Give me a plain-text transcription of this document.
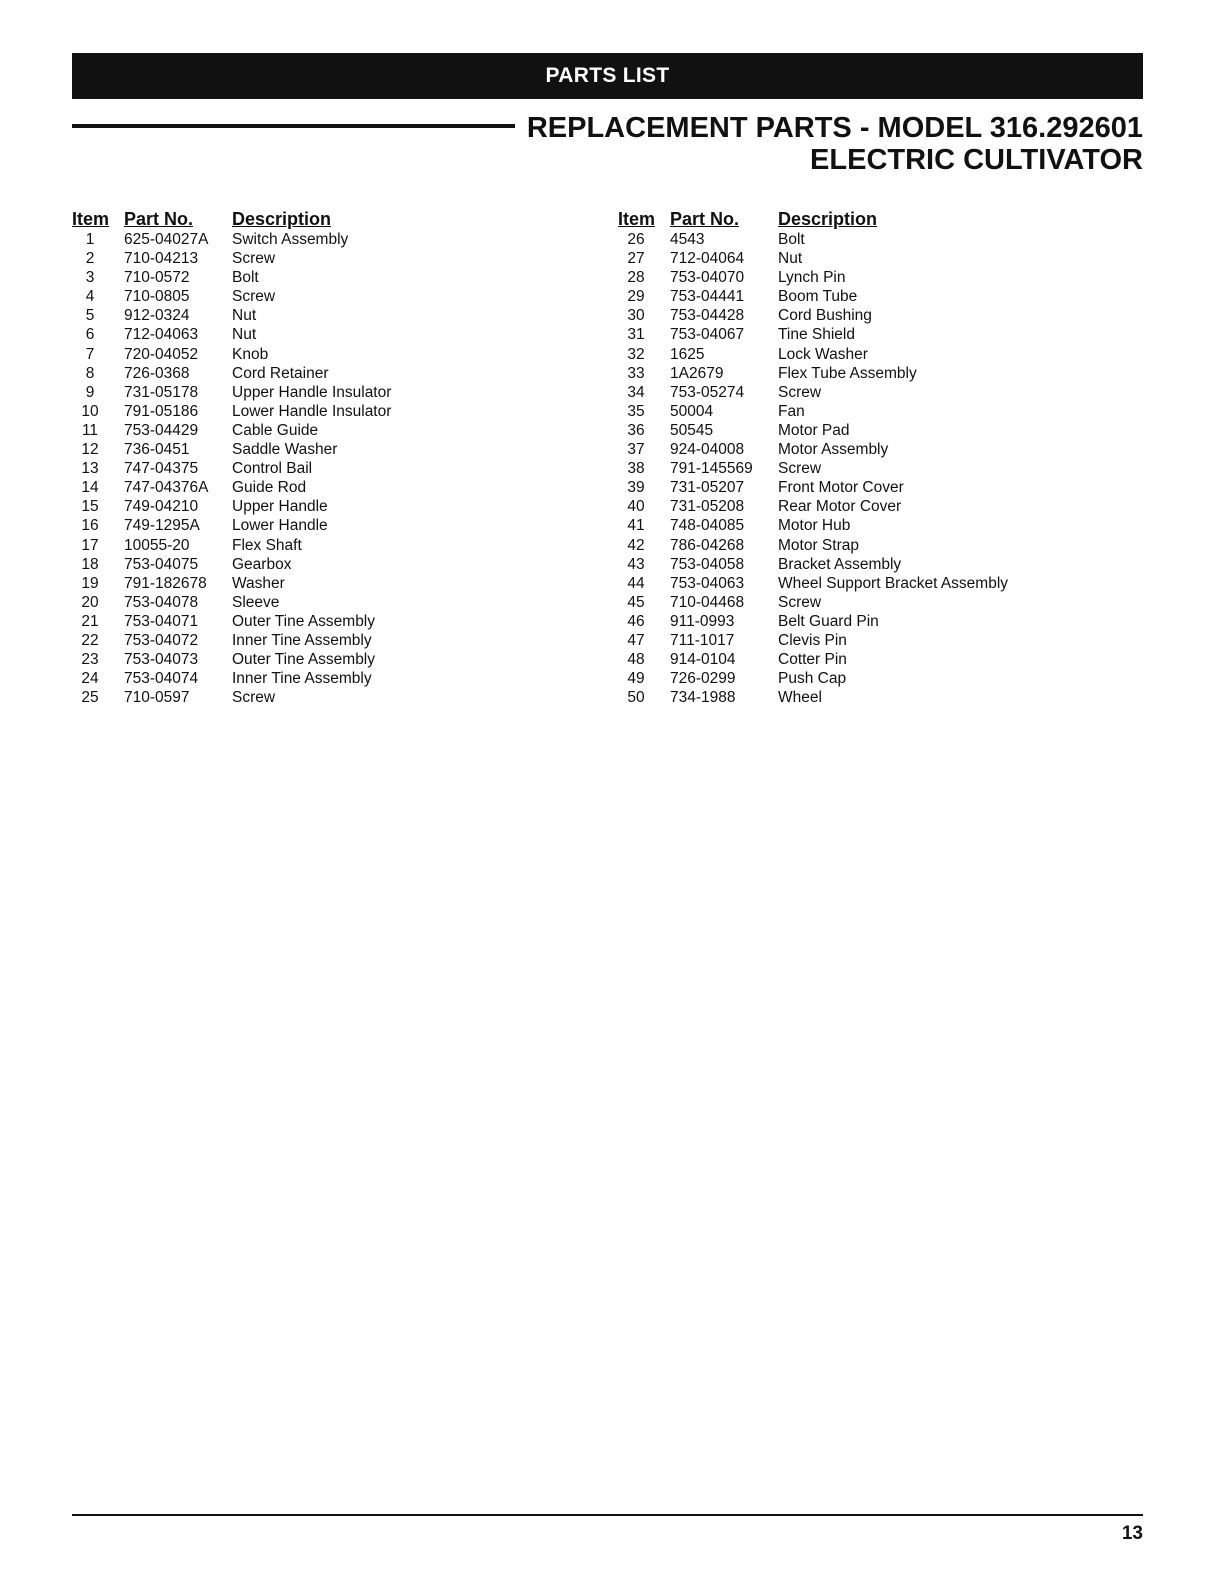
PARTS LIST
REPLACEMENT PARTS - MODEL 316.292601
ELECTRIC CULTIVATOR
Item Part No.	Description
1	625-04027A	Switch Assembly
2	710-04213	Screw
3	710-0572	Bolt
4	710-0805	Screw
5	912-0324	Nut
6	712-04063	Nut
7	720-04052	Knob
8	726-0368	Cord Retainer
9	731-05178	Upper Handle Insulator
10	791-05186	Lower Handle Insulator
11	753-04429	Cable Guide
12	736-0451	Saddle Washer
13	747-04375	Control Bail
14	747-04376A	Guide Rod
15	749-04210	Upper Handle
16	749-1295A	Lower Handle
17	10055-20	Flex Shaft
18	753-04075	Gearbox
19	791-182678	Washer
20	753-04078	Sleeve
21	753-04071	Outer Tine Assembly
22	753-04072	Inner Tine Assembly
23	753-04073	Outer Tine Assembly
24	753-04074	Inner Tine Assembly
25	710-0597	Screw
Item Part No.	Description
26	4543	Bolt
27	712-04064	Nut
28	753-04070	Lynch Pin
29	753-04441	Boom Tube
30	753-04428	Cord Bushing
31	753-04067	Tine Shield
32	1625	Lock Washer
33	1A2679	Flex Tube Assembly
34	753-05274	Screw
35	50004	Fan
36	50545	Motor Pad
37	924-04008	Motor Assembly
38	791-145569	Screw
39	731-05207	Front Motor Cover
40	731-05208	Rear Motor Cover
41	748-04085	Motor Hub
42	786-04268	Motor Strap
43	753-04058	Bracket Assembly
44	753-04063	Wheel Support Bracket Assembly
45	710-04468	Screw
46	911-0993	Belt Guard Pin
47	711-1017	Clevis Pin
48	914-0104	Cotter Pin
49	726-0299	Push Cap
50	734-1988	Wheel
13
